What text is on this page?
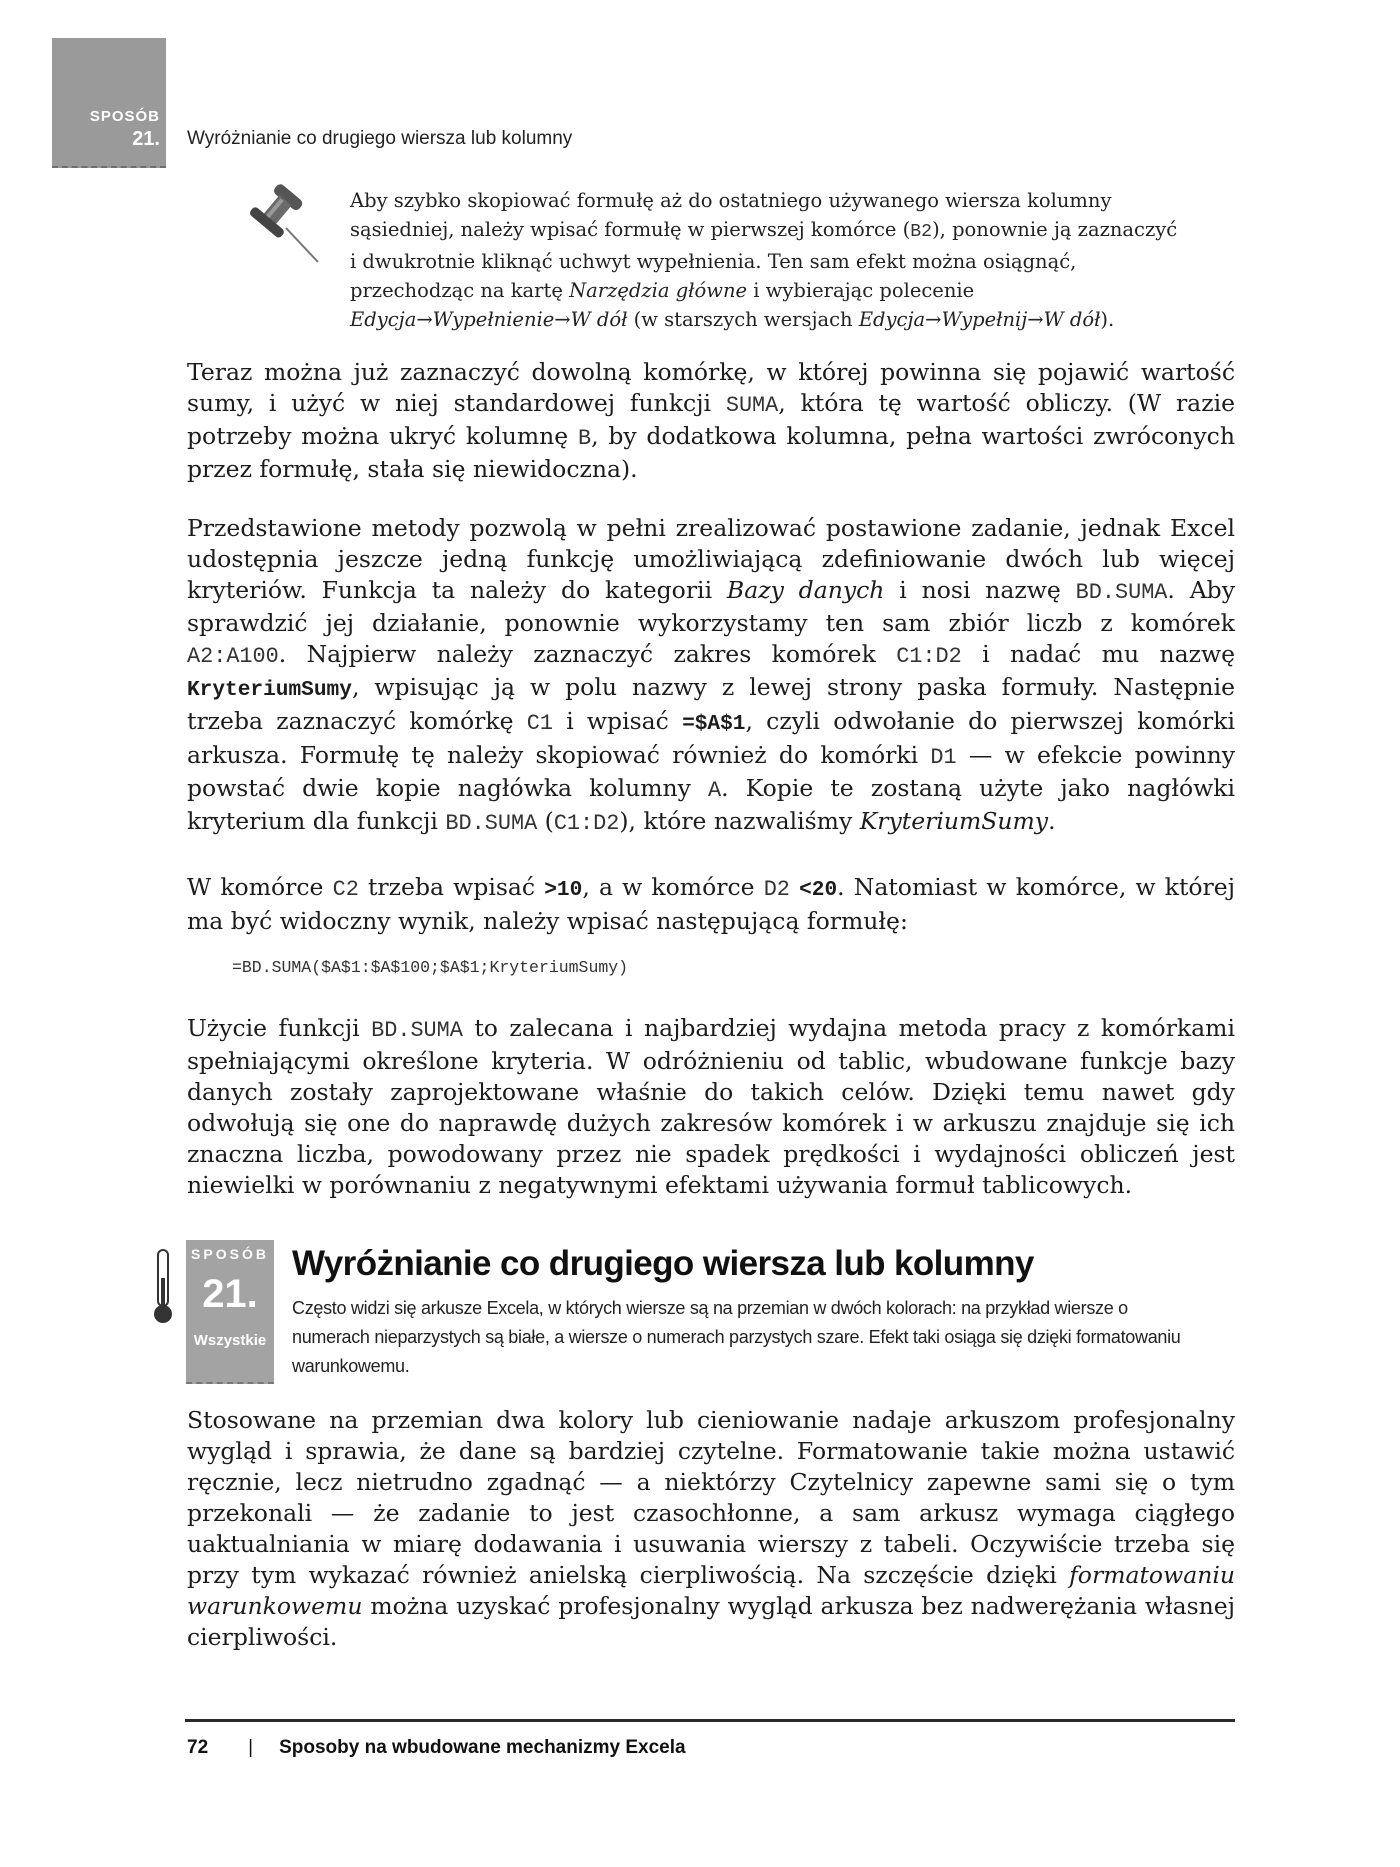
SPOSÓB
21. Wyróżnianie co drugiego wiersza lub kolumny

Aby szybko skopiować formułę aż do ostatniego używanego wiersza kolumny sąsiedniej, należy wpisać formułę w pierwszej komórce (B2), ponownie ją zaznaczyć i dwukrotnie kliknąć uchwyt wypełnienia. Ten sam efekt można osiągnąć, przechodząc na kartę Narzędzia główne i wybierając polecenie Edycja→Wypełnienie→W dół (w starszych wersjach Edycja→Wypełnij→W dół).

Teraz można już zaznaczyć dowolną komórkę, w której powinna się pojawić wartość sumy, i użyć w niej standardowej funkcji SUMA, która tę wartość obliczy. (W razie potrzeby można ukryć kolumnę B, by dodatkowa kolumna, pełna wartości zwróconych przez formułę, stała się niewidoczna).

Przedstawione metody pozwolą w pełni zrealizować postawione zadanie, jednak Excel udostępnia jeszcze jedną funkcję umożliwiającą zdefiniowanie dwóch lub więcej kryteriów. Funkcja ta należy do kategorii Bazy danych i nosi nazwę BD.SUMA. Aby sprawdzić jej działanie, ponownie wykorzystamy ten sam zbiór liczb z komórek A2:A100. Najpierw należy zaznaczyć zakres komórek C1:D2 i nadać mu nazwę KryteriumSumy, wpisując ją w polu nazwy z lewej strony paska formuły. Następnie trzeba zaznaczyć komórkę C1 i wpisać =$A$1, czyli odwołanie do pierwszej komórki arkusza. Formułę tę należy skopiować również do komórki D1 — w efekcie powinny powstać dwie kopie nagłówka kolumny A. Kopie te zostaną użyte jako nagłówki kryterium dla funkcji BD.SUMA (C1:D2), które nazwaliśmy KryteriumSumy.

W komórce C2 trzeba wpisać >10, a w komórce D2 <20. Natomiast w komórce, w której ma być widoczny wynik, należy wpisać następującą formułę:

=BD.SUMA($A$1:$A$100;$A$1;KryteriumSumy)

Użycie funkcji BD.SUMA to zalecana i najbardziej wydajna metoda pracy z komórkami spełniającymi określone kryteria. W odróżnieniu od tablic, wbudowane funkcje bazy danych zostały zaprojektowane właśnie do takich celów. Dzięki temu nawet gdy odwołują się one do naprawdę dużych zakresów komórek i w arkuszu znajduje się ich znaczna liczba, powodowany przez nie spadek prędkości i wydajności obliczeń jest niewielki w porównaniu z negatywnymi efektami używania formuł tablicowych.

SPOSÓB
21.
Wszystkie
Wyróżnianie co drugiego wiersza lub kolumny
Często widzi się arkusze Excela, w których wiersze są na przemian w dwóch kolorach: na przykład wiersze o numerach nieparzystych są białe, a wiersze o numerach parzystych szare. Efekt taki osiąga się dzięki formatowaniu warunkowemu.

Stosowane na przemian dwa kolory lub cieniowanie nadaje arkuszom profesjonalny wygląd i sprawia, że dane są bardziej czytelne. Formatowanie takie można ustawić ręcznie, lecz nietrudno zgadnąć — a niektórzy Czytelnicy zapewne sami się o tym przekonali — że zadanie to jest czasochłonne, a sam arkusz wymaga ciągłego uaktualniania w miarę dodawania i usuwania wierszy z tabeli. Oczywiście trzeba się przy tym wykazać również anielską cierpliwością. Na szczęście dzięki formatowaniu warunkowemu można uzyskać profesjonalny wygląd arkusza bez nadwerężania własnej cierpliwości.

72 | Sposoby na wbudowane mechanizmy Excela
